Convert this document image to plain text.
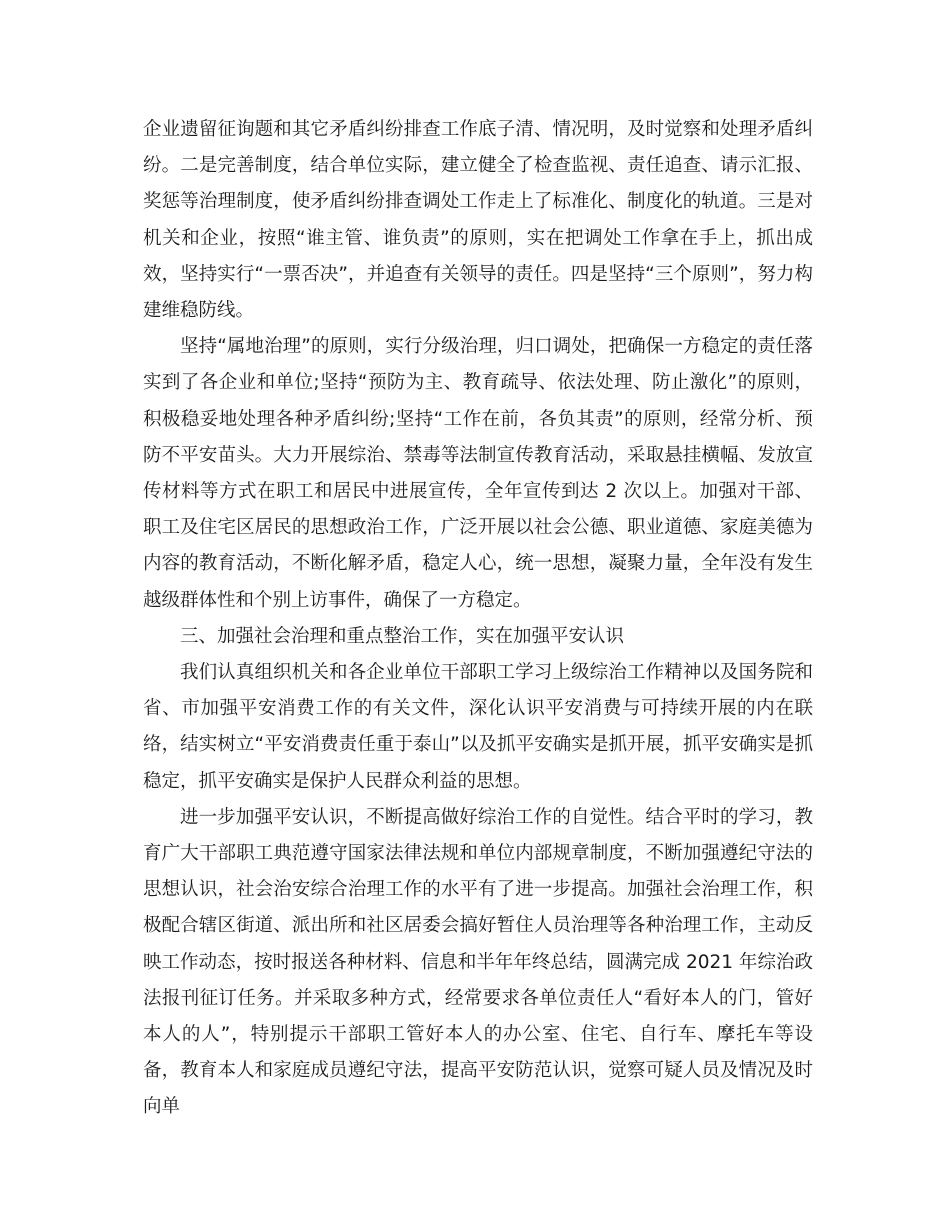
企业遗留征询题和其它矛盾纠纷排查工作底子清、情况明，及时觉察和处理矛盾纠纷。二是完善制度，结合单位实际，建立健全了检查监视、责任追查、请示汇报、奖惩等治理制度，使矛盾纠纷排查调处工作走上了标准化、制度化的轨道。三是对机关和企业，按照“谁主管、谁负责”的原则，实在把调处工作拿在手上，抓出成效，坚持实行“一票否决”，并追查有关领导的责任。四是坚持“三个原则”，努力构建维稳防线。

坚持“属地治理”的原则，实行分级治理，归口调处，把确保一方稳定的责任落实到了各企业和单位;坚持“预防为主、教育疏导、依法处理、防止激化”的原则，积极稳妥地处理各种矛盾纠纷;坚持“工作在前，各负其责”的原则，经常分析、预防不平安苗头。大力开展综治、禁毒等法制宣传教育活动，采取悬挂横幅、发放宣传材料等方式在职工和居民中进展宣传，全年宣传到达 2 次以上。加强对干部、职工及住宅区居民的思想政治工作，广泛开展以社会公德、职业道德、家庭美德为内容的教育活动，不断化解矛盾，稳定人心，统一思想，凝聚力量，全年没有发生越级群体性和个别上访事件，确保了一方稳定。

三、加强社会治理和重点整治工作，实在加强平安认识

我们认真组织机关和各企业单位干部职工学习上级综治工作精神以及国务院和省、市加强平安消费工作的有关文件，深化认识平安消费与可持续开展的内在联络，结实树立“平安消费责任重于泰山”以及抓平安确实是抓开展，抓平安确实是抓稳定，抓平安确实是保护人民群众利益的思想。

进一步加强平安认识，不断提高做好综治工作的自觉性。结合平时的学习，教育广大干部职工典范遵守国家法律法规和单位内部规章制度，不断加强遵纪守法的思想认识，社会治安综合治理工作的水平有了进一步提高。加强社会治理工作，积极配合辖区街道、派出所和社区居委会搞好暂住人员治理等各种治理工作，主动反映工作动态，按时报送各种材料、信息和半年年终总结，圆满完成 2021 年综治政法报刊征订任务。并采取多种方式，经常要求各单位责任人“看好本人的门，管好本人的人”，特别提示干部职工管好本人的办公室、住宅、自行车、摩托车等设备，教育本人和家庭成员遵纪守法，提高平安防范认识，觉察可疑人员及情况及时向单
